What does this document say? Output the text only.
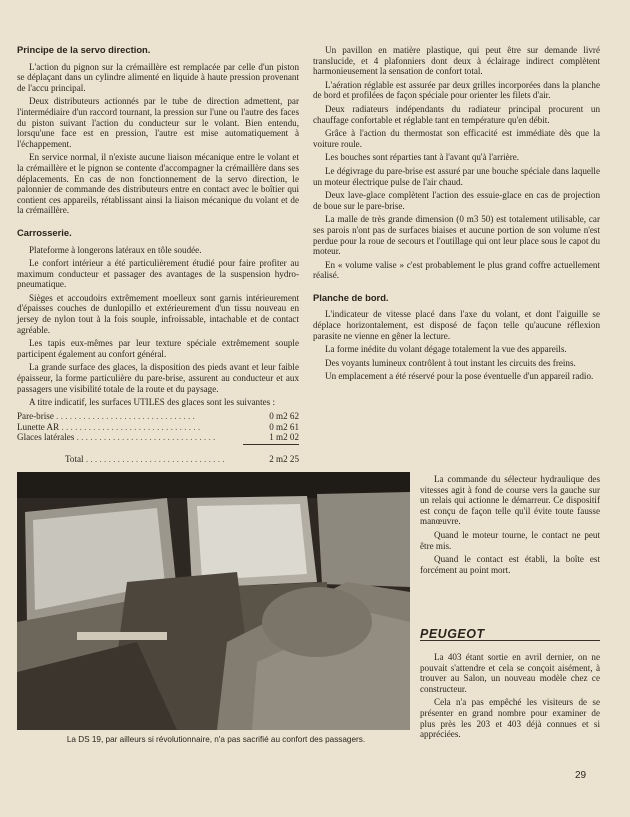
Principe de la servo direction.

L'action du pignon sur la crémaillère est remplacée par celle d'un piston se déplaçant dans un cylindre alimenté en liquide à haute pression provenant de l'accu principal.

Deux distributeurs actionnés par le tube de direction admettent, par l'intermédiaire d'un raccord tournant, la pression sur l'une ou l'autre des faces du piston suivant l'action du conducteur sur le volant. Bien entendu, lorsqu'une face est en pression, l'autre est mise automatiquement à l'échappement.

En service normal, il n'existe aucune liaison mécanique entre le volant et la crémaillère et le pignon se contente d'accompagner la crémaillère dans ses déplacements. En cas de non fonctionnement de la servo direction, le palonnier de commande des distributeurs entre en contact avec le boîtier qui contient ces appareils, rétablissant ainsi la liaison mécanique du volant et de la crémaillère.

Carrosserie.

Plateforme à longerons latéraux en tôle soudée.

Le confort intérieur a été particulièrement étudié pour faire profiter au maximum conducteur et passager des avantages de la suspension hydro-pneumatique.

Sièges et accoudoirs extrêmement moelleux sont garnis intérieurement d'épaisses couches de dunlopillo et extérieurement d'un tissu nouveau en jersey de nylon tout à la fois souple, infroissable, intachable et de contact agréable.

Les tapis eux-mêmes par leur texture spéciale extrêmement souple participent également au confort général.

La grande surface des glaces, la disposition des pieds avant et leur faible épaisseur, la forme particulière du pare-brise, assurent au conducteur et aux passagers une visibilité totale de la route et du paysage.

A titre indicatif, les surfaces UTILES des glaces sont les suivantes :

Pare-brise . . .	0 m2 62
Lunette AR . . .	0 m2 61
Glaces latérales . . .	1 m2 02
Total . . .	2 m2 25

Un pavillon en matière plastique, qui peut être sur demande livré translucide, et 4 plafonniers dont deux à éclairage indirect complètent harmonieusement la sensation de confort total.

L'aération réglable est assurée par deux grilles incorporées dans la planche de bord et profilées de façon spéciale pour orienter les filets d'air.

Deux radiateurs indépendants du radiateur principal procurent un chauffage confortable et réglable tant en température qu'en débit.

Grâce à l'action du thermostat son efficacité est immédiate dès que la voiture roule.

Les bouches sont réparties tant à l'avant qu'à l'arrière.

Le dégivrage du pare-brise est assuré par une bouche spéciale dans laquelle un moteur électrique pulse de l'air chaud.

Deux lave-glace complètent l'action des essuie-glace en cas de projection de boue sur le pare-brise.

La malle de très grande dimension (0 m3 50) est totalement utilisable, car ses parois n'ont pas de surfaces biaises et aucune portion de son volume n'est perdue pour la roue de secours et l'outillage qui ont leur place sous le capot du moteur.

En « volume valise » c'est probablement le plus grand coffre actuellement réalisé.

Planche de bord.

L'indicateur de vitesse placé dans l'axe du volant, et dont l'aiguille se déplace horizontalement, est disposé de façon telle qu'aucune réflexion parasite ne vienne en gêner la lecture.

La forme inédite du volant dégage totalement la vue des appareils.

Des voyants lumineux contrôlent à tout instant les circuits des freins.

Un emplacement a été réservé pour la pose éventuelle d'un appareil radio.

La DS 19, par ailleurs si révolutionnaire, n'a pas sacrifié au confort des passagers.

La commande du sélecteur hydraulique des vitesses agit à fond de course vers la gauche sur un relais qui actionne le démarreur. Ce dispositif est conçu de façon telle qu'il évite toute fausse manœuvre.

Quand le moteur tourne, le contact ne peut être mis.

Quand le contact est établi, la boîte est forcément au point mort.

PEUGEOT

La 403 étant sortie en avril dernier, on ne pouvait s'attendre et cela se conçoit aisément, à trouver au Salon, un nouveau modèle chez ce constructeur.

Cela n'a pas empêché les visiteurs de se présenter en grand nombre pour examiner de plus près les 203 et 403 déjà connues et si appréciées.

29
